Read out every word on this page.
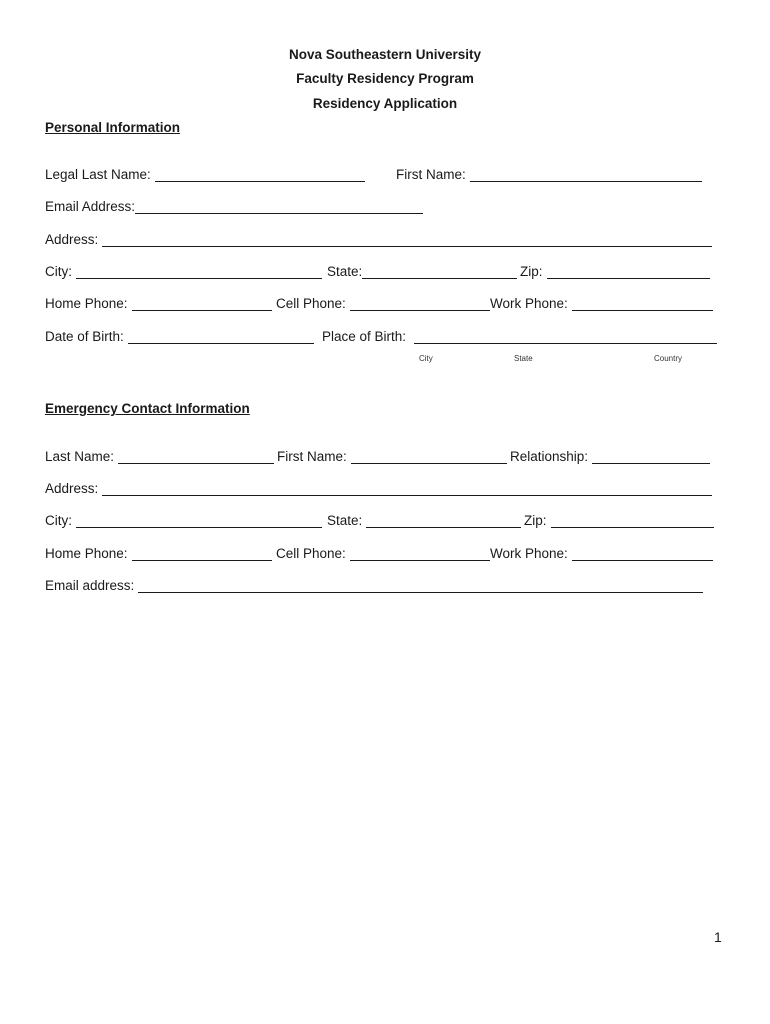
Nova Southeastern University
Faculty Residency Program
Residency Application
Personal Information
Legal Last Name:	First Name:
Email Address:
Address:
City:	State:	Zip:
Home Phone:	Cell Phone:	Work Phone:
Date of Birth:	Place of Birth:
City	State	Country
Emergency Contact Information
Last Name:	First Name:	Relationship:
Address:
City:	State:	Zip:
Home Phone:	Cell Phone:	Work Phone:
Email address:
1
